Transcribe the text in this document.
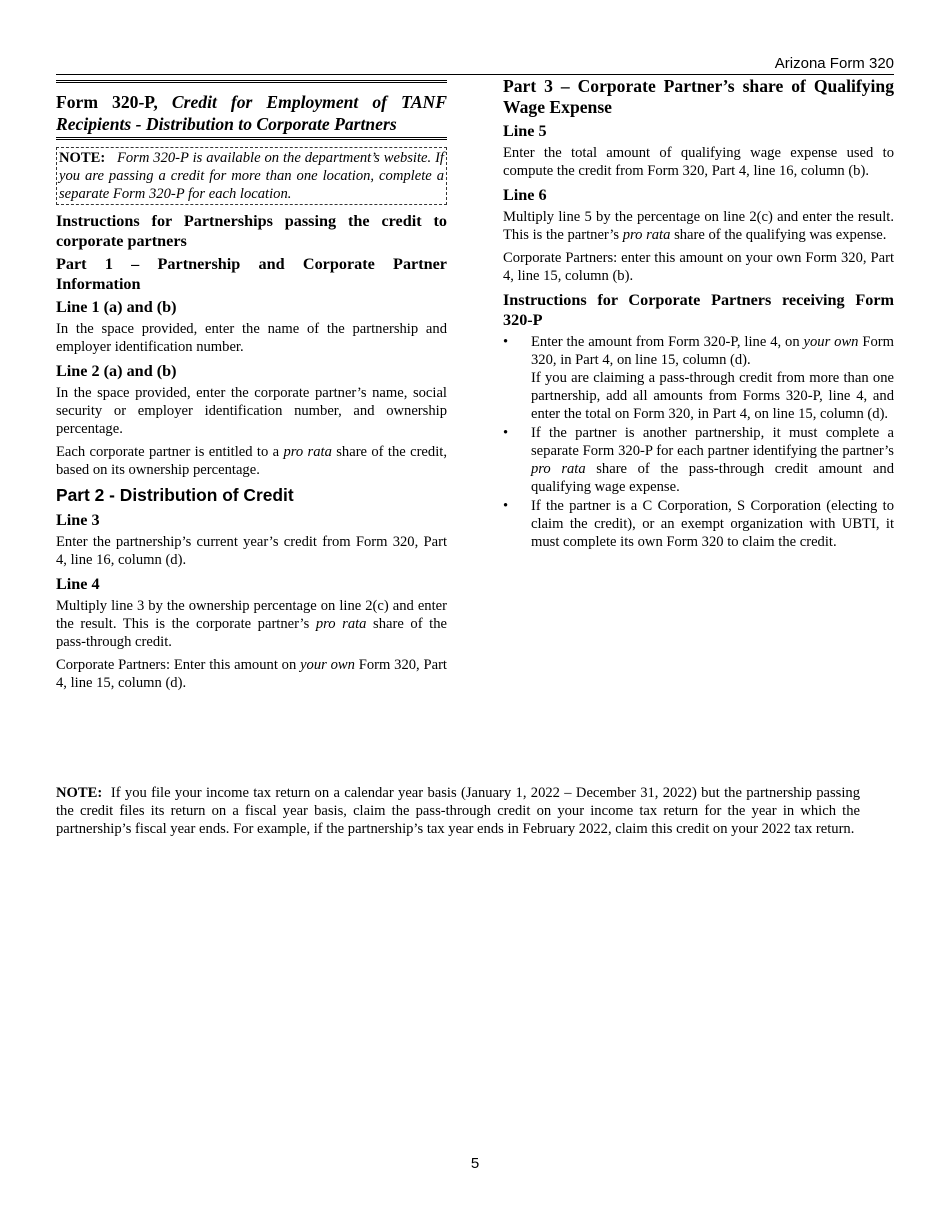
Arizona Form 320
Form 320-P, Credit for Employment of TANF Recipients - Distribution to Corporate Partners
NOTE: Form 320-P is available on the department’s website. If you are passing a credit for more than one location, complete a separate Form 320-P for each location.
Instructions for Partnerships passing the credit to corporate partners
Part 1 – Partnership and Corporate Partner Information
Line 1 (a) and (b)

In the space provided, enter the name of the partnership and employer identification number.

Line 2 (a) and (b)

In the space provided, enter the corporate partner’s name, social security or employer identification number, and ownership percentage.

Each corporate partner is entitled to a pro rata share of the credit, based on its ownership percentage.

Part 2 - Distribution of Credit
Line 3

Enter the partnership’s current year’s credit from Form 320, Part 4, line 16, column (d).

Line 4

Multiply line 3 by the ownership percentage on line 2(c) and enter the result. This is the corporate partner’s pro rata share of the pass-through credit.

Corporate Partners: Enter this amount on your own Form 320, Part 4, line 15, column (d).

Part 3 – Corporate Partner’s share of Qualifying Wage Expense
Line 5

Enter the total amount of qualifying wage expense used to compute the credit from Form 320, Part 4, line 16, column (b).

Line 6

Multiply line 5 by the percentage on line 2(c) and enter the result. This is the partner’s pro rata share of the qualifying was expense.

Corporate Partners: enter this amount on your own Form 320, Part 4, line 15, column (b).

Instructions for Corporate Partners receiving Form 320-P
• Enter the amount from Form 320-P, line 4, on your own Form 320, in Part 4, on line 15, column (d).

If you are claiming a pass-through credit from more than one partnership, add all amounts from Forms 320-P, line 4, and enter the total on Form 320, in Part 4, on line 15, column (d).

• If the partner is another partnership, it must complete a separate Form 320-P for each partner identifying the partner’s pro rata share of the pass-through credit amount and qualifying wage expense.

• If the partner is a C Corporation, S Corporation (electing to claim the credit), or an exempt organization with UBTI, it must complete its own Form 320 to claim the credit.

NOTE: If you file your income tax return on a calendar year basis (January 1, 2022 – December 31, 2022) but the partnership passing the credit files its return on a fiscal year basis, claim the pass-through credit on your income tax return for the year in which the partnership’s fiscal year ends. For example, if the partnership’s tax year ends in February 2022, claim this credit on your 2022 tax return.
5
